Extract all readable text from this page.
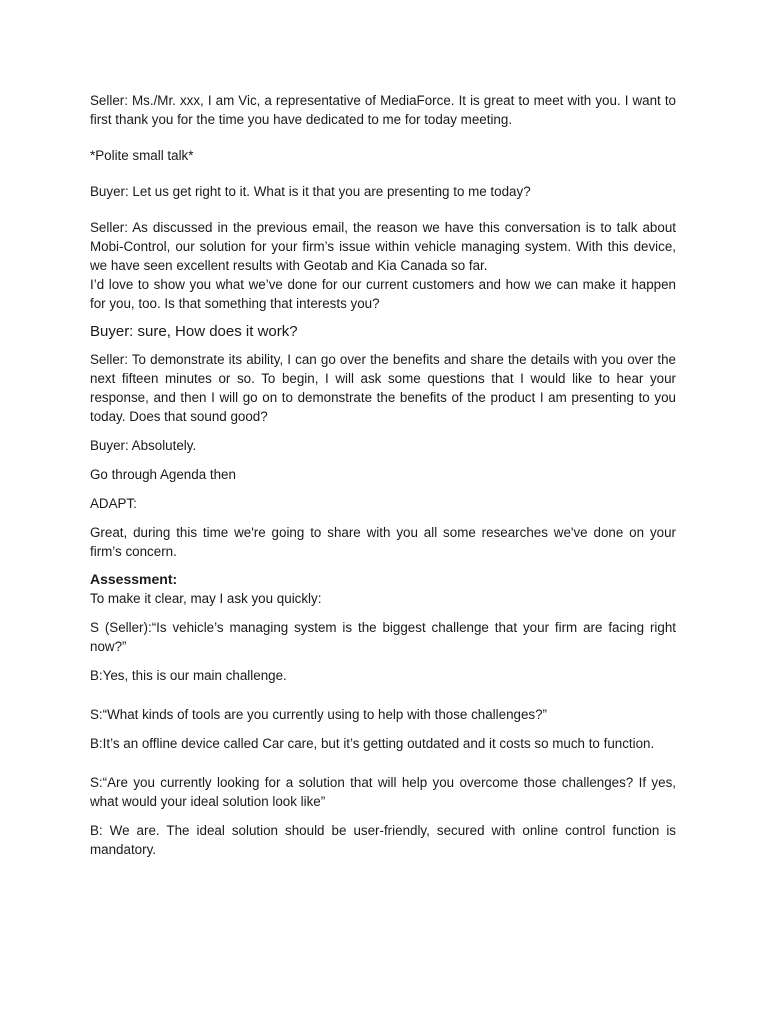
Seller: Ms./Mr. xxx, I am Vic, a representative of MediaForce. It is great to meet with you. I want to first thank you for the time you have dedicated to me for today meeting.

*Polite small talk*

Buyer: Let us get right to it. What is it that you are presenting to me today?

Seller: As discussed in the previous email, the reason we have this conversation is to talk about Mobi-Control, our solution for your firm’s issue within vehicle managing system. With this device, we have seen excellent results with Geotab and Kia Canada so far.

I’d love to show you what we’ve done for our current customers and how we can make it happen for you, too. Is that something that interests you?

Buyer: sure, How does it work?

Seller: To demonstrate its ability, I can go over the benefits and share the details with you over the next fifteen minutes or so. To begin, I will ask some questions that I would like to hear your response, and then I will go on to demonstrate the benefits of the product I am presenting to you today. Does that sound good?

Buyer: Absolutely.

Go through Agenda then

ADAPT:

Great, during this time we're going to share with you all some researches we've done on your firm’s concern.

Assessment:

To make it clear, may I ask you quickly:

S (Seller):“Is vehicle’s managing system is the biggest challenge that your firm are facing right now?”

B:Yes, this is our main challenge.

S:“What kinds of tools are you currently using to help with those challenges?”

B:It’s an offline device called Car care, but it’s getting outdated and it costs so much to function.

S:“Are you currently looking for a solution that will help you overcome those challenges? If yes, what would your ideal solution look like”

B: We are. The ideal solution should be user-friendly, secured with online control function is mandatory.
